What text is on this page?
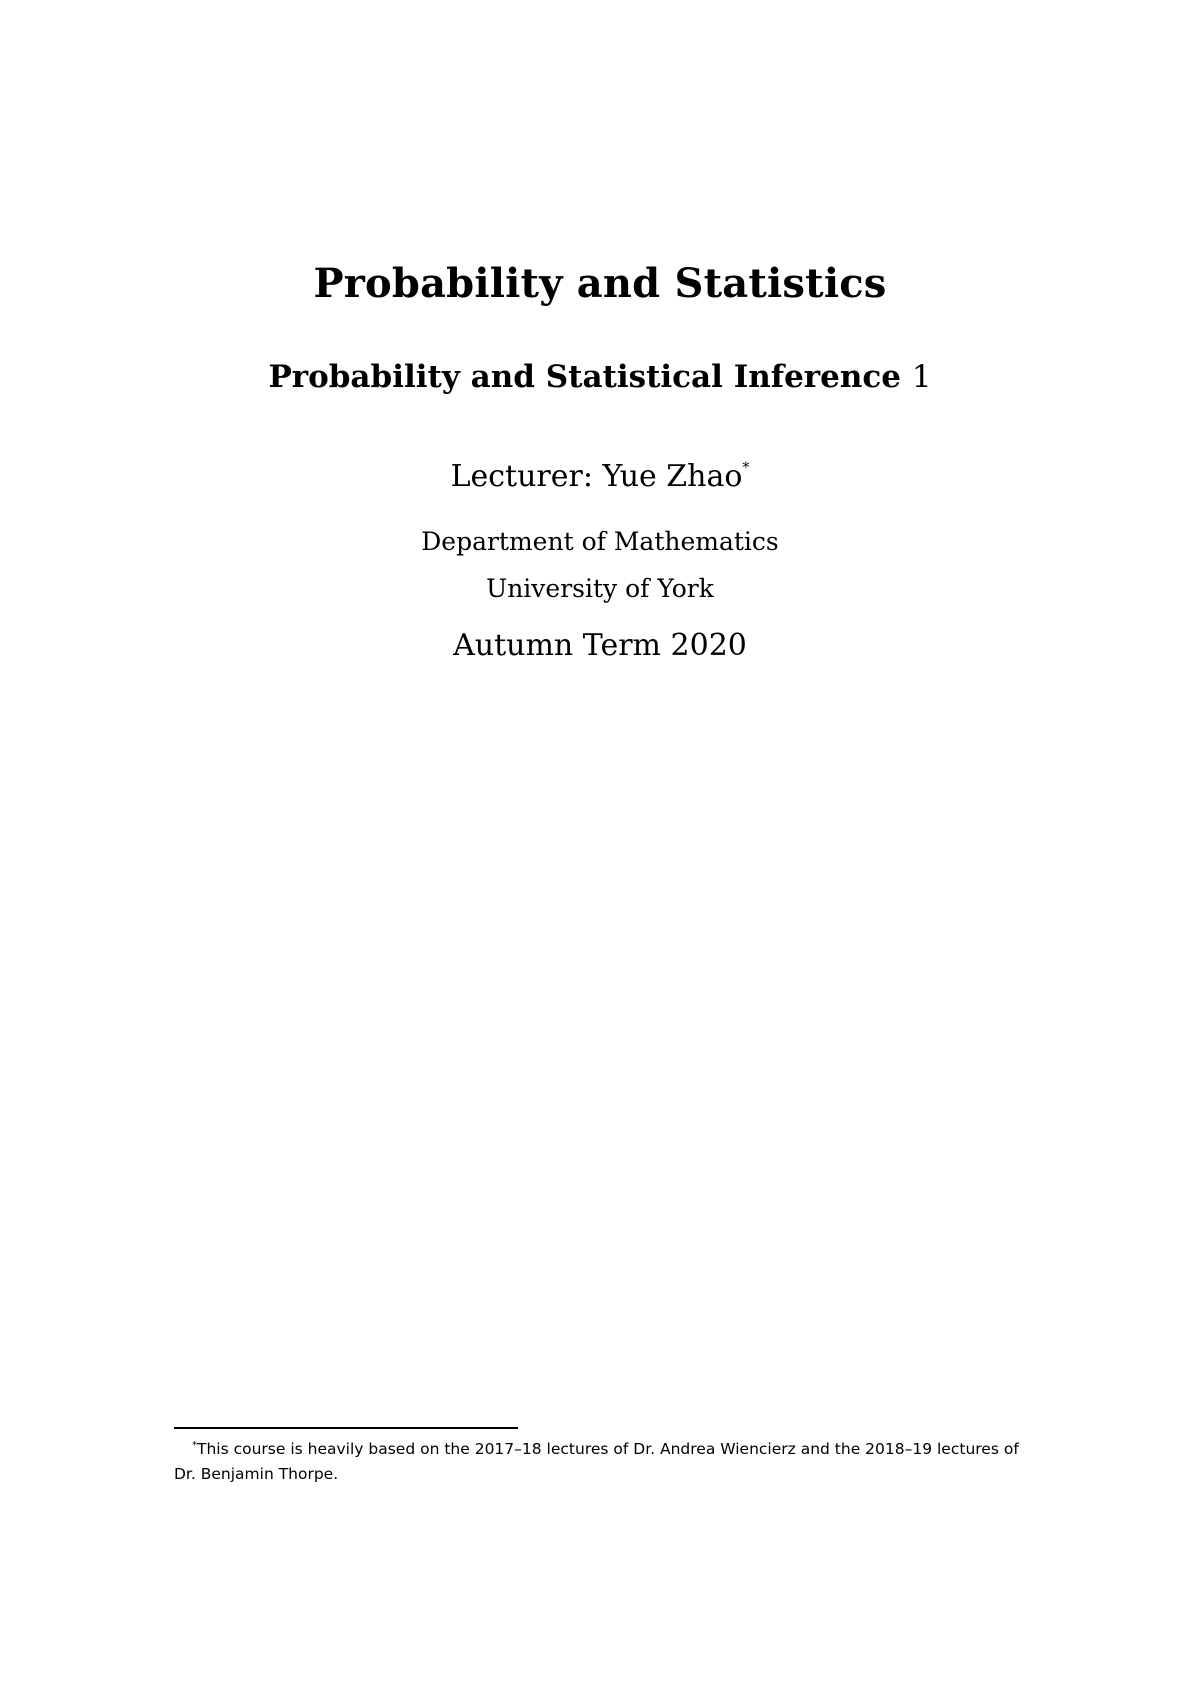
Probability and Statistics
Probability and Statistical Inference 1
Lecturer: Yue Zhao*
Department of Mathematics
University of York
Autumn Term 2020
*This course is heavily based on the 2017–18 lectures of Dr. Andrea Wiencierz and the 2018–19 lectures of Dr. Benjamin Thorpe.
